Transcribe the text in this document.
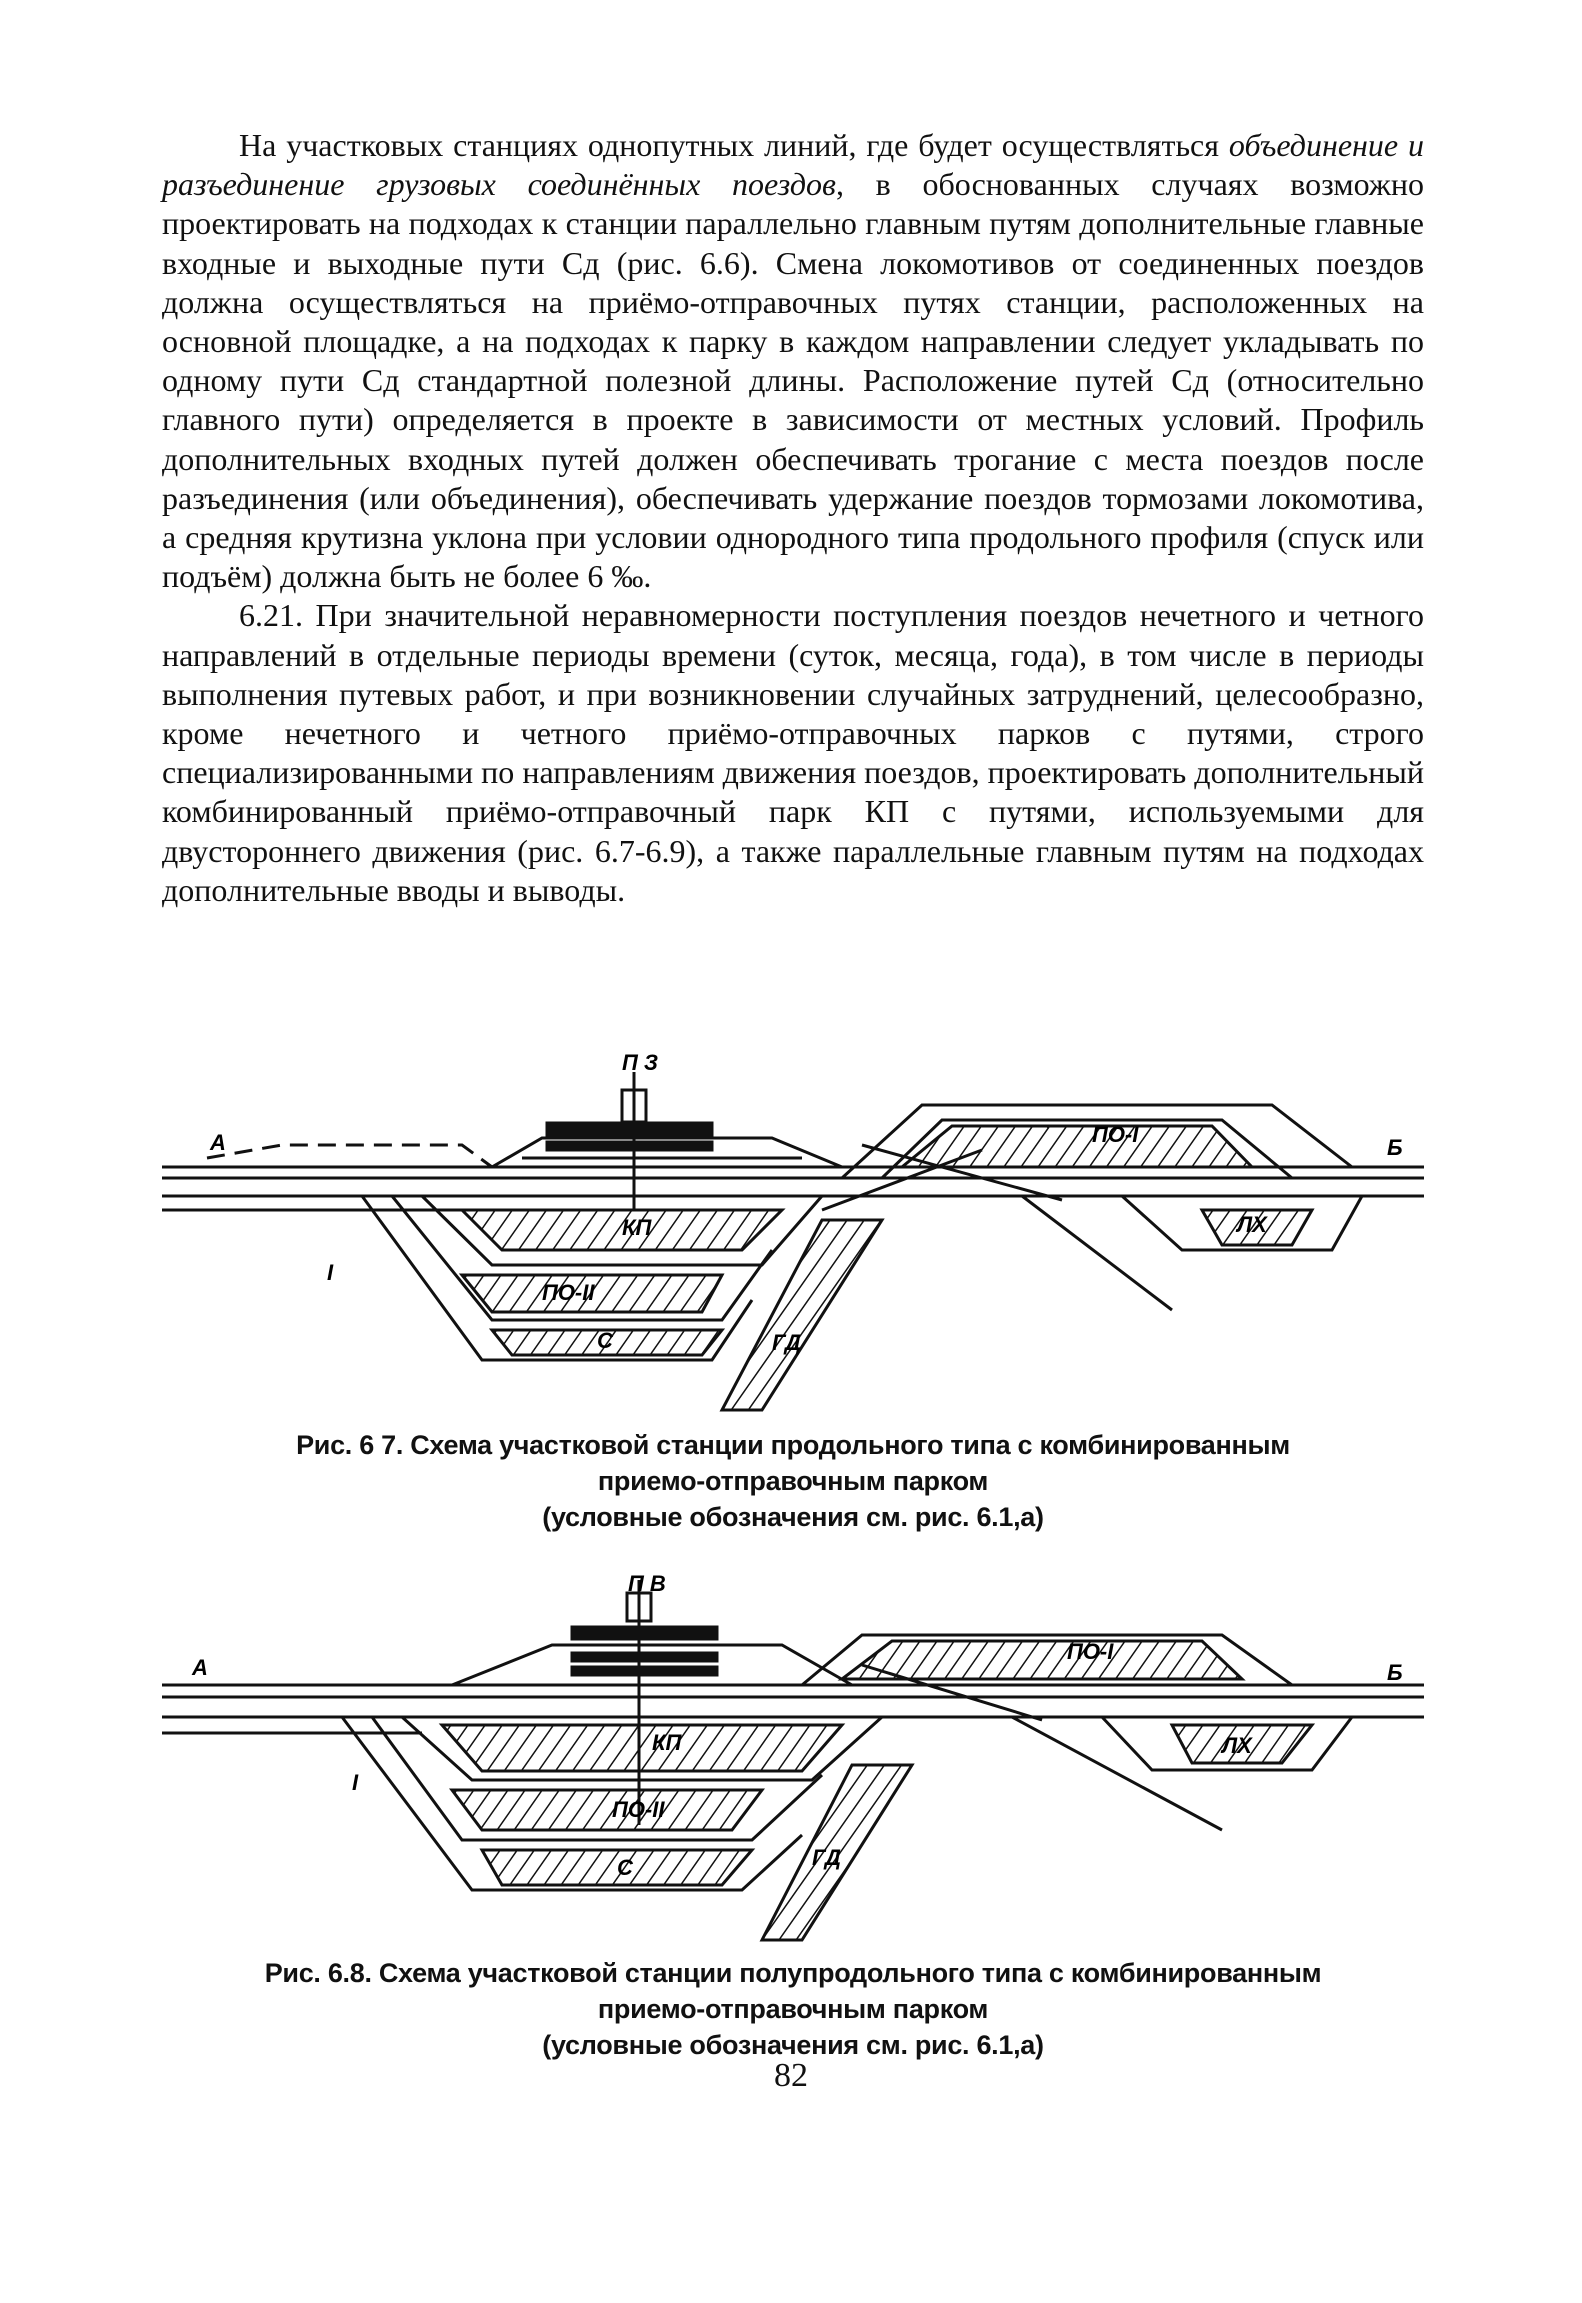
На участковых станциях однопутных линий, где будет осуществляться объединение и разъединение грузовых соединённых поездов, в обоснованных случаях возможно проектировать на подходах к станции параллельно главным путям дополнительные главные входные и выходные пути Сд (рис. 6.6). Смена локомотивов от соединенных поездов должна осуществляться на приёмо-отправочных путях станции, расположенных на основной площадке, а на подходах к парку в каждом направлении следует укладывать по одному пути Сд стандартной полезной длины. Расположение путей Сд (относительно главного пути) определяется в проекте в зависимости от местных условий. Профиль дополнительных входных путей должен обеспечивать трогание с места поездов после разъединения (или объединения), обеспечивать удержание поездов тормозами локомотива, а средняя крутизна уклона при условии однородного типа продольного профиля (спуск или подъём) должна быть не более 6 ‰.

6.21. При значительной неравномерности поступления поездов нечетного и четного направлений в отдельные периоды времени (суток, месяца, года), в том числе в периоды выполнения путевых работ, и при возникновении случайных затруднений, целесообразно, кроме нечетного и четного приёмо-отправочных парков с путями, строго специализированными по направлениям движения поездов, проектировать дополнительный комбинированный приёмо-отправочный парк КП с путями, используемыми для двустороннего движения (рис. 6.7-6.9), а также параллельные главным путям на подходах дополнительные вводы и выводы.

П З
А	Б
ПО-I
ЛХ
КП
ПО-II
С	ГД
I
Рис. 6 7. Схема участковой станции продольного типа с комбинированным
приемо-отправочным парком
(условные обозначения см. рис. 6.1,а)
П В
А	Б
ПО-I
ЛХ
КП
ПО-II
С	ГД
I
Рис. 6.8. Схема участковой станции полупродольного типа с комбинированным
приемо-отправочным парком
(условные обозначения см. рис. 6.1,а)
82
